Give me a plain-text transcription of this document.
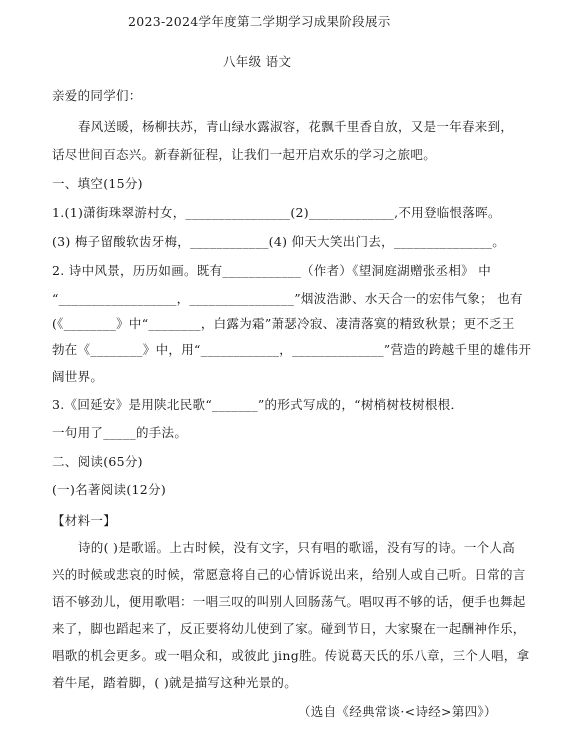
2023-2024学年度第二学期学习成果阶段展示
八年级 语文
亲爱的同学们：
春风送暖，杨柳扶苏，青山绿水露淑容，花飘千里香自放，又是一年春来到，
话尽世间百态兴。新春新征程，让我们一起开启欢乐的学习之旅吧。
一、填空(15分)
1.(1)潇街珠翠游村女，________________(2)_____________,不用登临恨落晖。
(3) 梅子留酸软齿牙梅，____________(4) 仰天大笑出门去，_______________。
2. 诗中风景，历历如画。既有____________（作者）《望洞庭湖赠张丞相》 中
“__________________，________________”烟波浩渺、水天合一的宏伟气象； 也有
(《________》中“________，白露为霜”萧瑟冷寂、凄清落寞的精致秋景；更不乏王
勃在《________》中，用“____________，______________”营造的跨越千里的雄伟开
阔世界。
3.《回延安》是用陕北民歌“_______”的形式写成的，“树梢树枝树根根．
一句用了_____的手法。
二、阅读(65分)
(一)名著阅读(12分)
【材料一】
诗的( )是歌谣。上古时候，没有文字，只有唱的歌谣，没有写的诗。一个人高
兴的时候或悲哀的时候，常愿意将自己的心情诉说出来，给别人或自己听。日常的言
语不够劲儿，便用歌唱：一唱三叹的叫别人回肠荡气。唱叹再不够的话，便手也舞起
来了，脚也蹈起来了，反正要将幼儿使到了家。碰到节日，大家聚在一起酬神作乐，
唱歌的机会更多。或一唱众和，或彼此 jing胜。传说葛天氏的乐八章，三个人唱，拿
着牛尾，踏着脚，( )就是描写这种光景的。
（选自《经典常谈·<诗经>第四》）
